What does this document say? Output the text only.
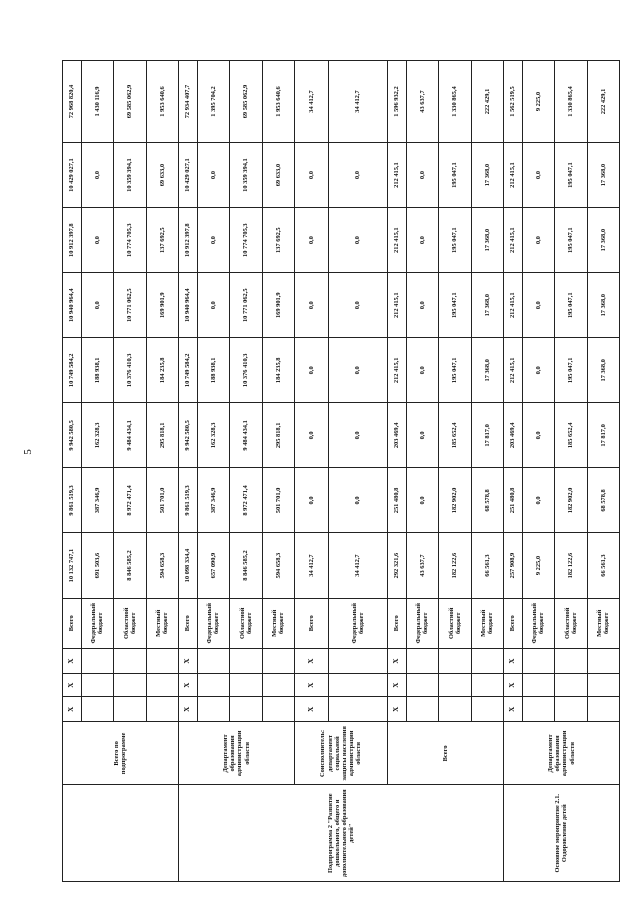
5
	Всего по подпрограмме	X	X	X	Всего	10 132 747,1	9 861 519,3	9 942 580,5	10 749 584,2	10 940 964,4	10 912 397,8	10 429 027,1	72 968 820,4
					Федеральный бюджет	691 503,6	387 346,9	162 328,3	188 938,1	0,0	0,0	0,0	1 430 116,9
					Областной бюджет	8 846 585,2	8 972 471,4	9 484 434,1	10 376 410,3	10 771 062,5	10 774 705,3	10 359 394,1	69 585 062,9
					Местный бюджет	594 658,3	501 701,0	295 818,1	184 235,8	169 901,9	137 692,5	69 633,0	1 953 640,6
Подпрограмма 2 "Развитие дошкольного, общего и дополнительного образования детей"	Департамент образования администрации области	X	X	X	Всего	10 098 334,4	9 861 519,3	9 942 580,5	10 749 584,2	10 940 964,4	10 912 397,8	10 429 027,1	72 934 407,7
					Федеральный бюджет	657 090,9	387 346,9	162 328,3	188 938,1	0,0	0,0	0,0	1 395 704,2
					Областной бюджет	8 846 585,2	8 972 471,4	9 484 434,1	10 376 410,3	10 771 062,5	10 774 705,3	10 359 394,1	69 585 062,9
					Местный бюджет	594 658,3	501 701,0	295 818,1	184 235,8	169 901,9	137 692,5	69 633,0	1 953 640,6
	Соисполнитель: департамент социальной защиты населения администрации области	X	X	X	Всего	34 412,7	0,0	0,0	0,0	0,0	0,0	0,0	34 412,7
					Федеральный бюджет	34 412,7	0,0	0,0	0,0	0,0	0,0	0,0	34 412,7
	Всего	X	X	X	Всего	292 321,6	251 480,8	203 469,4	212 415,1	212 415,1	212 415,1	212 415,1	1 596 932,2
					Федеральный бюджет	43 637,7	0,0	0,0	0,0	0,0	0,0	0,0	43 637,7
					Областной бюджет	182 122,6	182 902,0	185 652,4	195 047,1	195 047,1	195 047,1	195 047,1	1 330 865,4
					Местный бюджет	66 561,3	68 578,8	17 817,0	17 368,0	17 368,0	17 368,0	17 368,0	222 429,1
Основное мероприятие 2.1. Оздоровление детей	Департамент образования администрации области	X	X	X	Всего	257 908,9	251 480,8	203 469,4	212 415,1	212 415,1	212 415,1	212 415,1	1 562 519,5
					Федеральный бюджет	9 225,0	0,0	0,0	0,0	0,0	0,0	0,0	9 225,0
					Областной бюджет	182 122,6	182 902,0	185 652,4	195 047,1	195 047,1	195 047,1	195 047,1	1 330 865,4
					Местный бюджет	66 561,3	68 578,8	17 817,0	17 368,0	17 368,0	17 368,0	17 368,0	222 429,1
